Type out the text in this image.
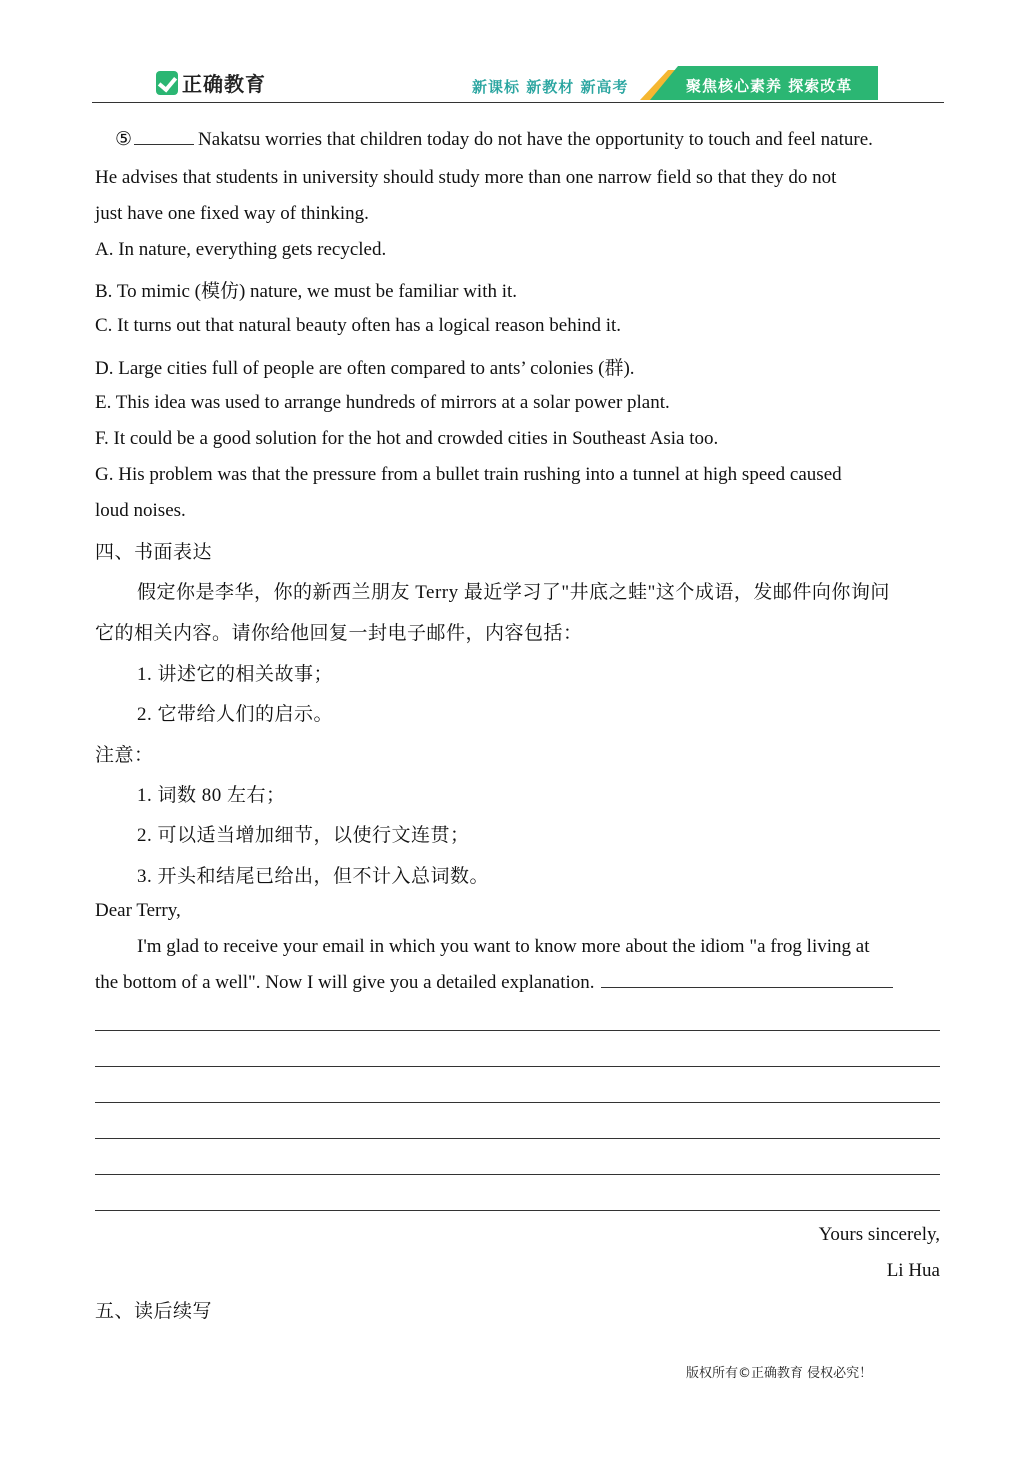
正确教育	新课标 新教材 新高考	聚焦核心素养 探索改革
⑤	Nakatsu worries that children today do not have the opportunity to touch and feel nature.
He advises that students in university should study more than one narrow field so that they do not
just have one fixed way of thinking.
A. In nature, everything gets recycled.
B. To mimic (模仿) nature, we must be familiar with it.
C. It turns out that natural beauty often has a logical reason behind it.
D. Large cities full of people are often compared to ants’ colonies (群).
E. This idea was used to arrange hundreds of mirrors at a solar power plant.
F. It could be a good solution for the hot and crowded cities in Southeast Asia too.
G. His problem was that the pressure from a bullet train rushing into a tunnel at high speed caused
loud noises.
四、书面表达
假定你是李华，你的新西兰朋友 Terry 最近学习了"井底之蛙"这个成语，发邮件向你询问
它的相关内容。请你给他回复一封电子邮件，内容包括：
1. 讲述它的相关故事；
2. 它带给人们的启示。
注意：
1. 词数 80 左右；
2. 可以适当增加细节，以使行文连贯；
3. 开头和结尾已给出，但不计入总词数。
Dear Terry,
I'm glad to receive your email in which you want to know more about the idiom "a frog living at
the bottom of a well". Now I will give you a detailed explanation.
Yours sincerely,
Li Hua
五、读后续写
版权所有©正确教育 侵权必究！
